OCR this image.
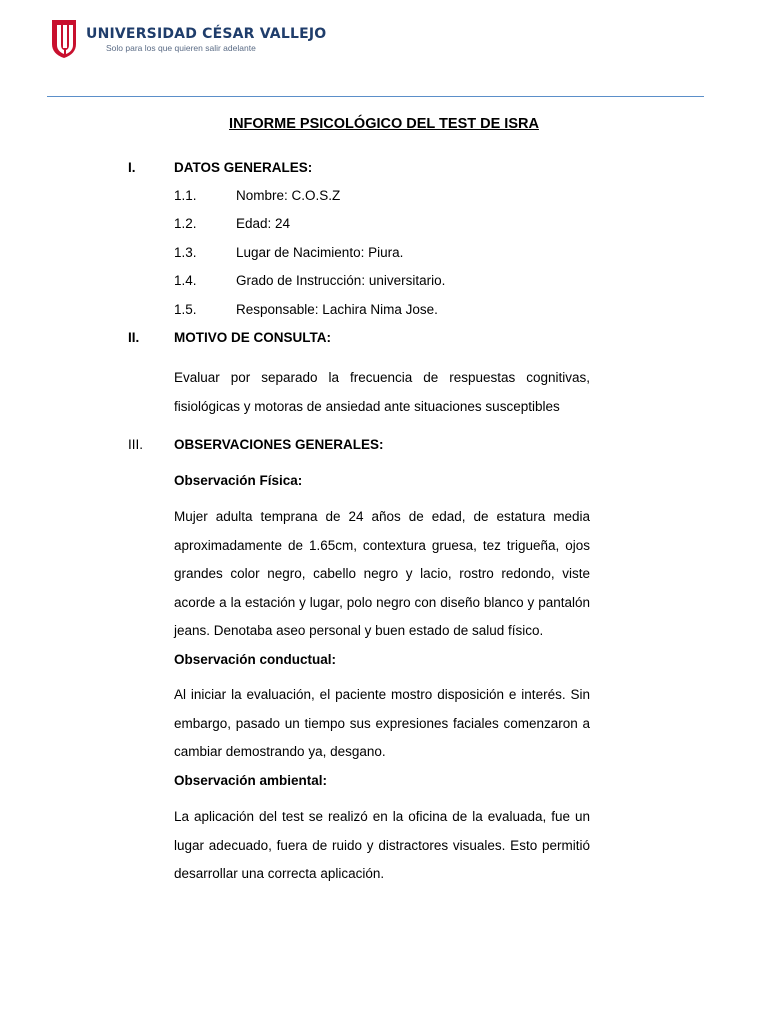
UNIVERSIDAD CÉSAR VALLEJO
Solo para los que quieren salir adelante
INFORME PSICOLÓGICO DEL TEST DE ISRA
I.	DATOS GENERALES:
1.1.	Nombre: C.O.S.Z
1.2.	Edad: 24
1.3.	Lugar de Nacimiento: Piura.
1.4.	Grado de Instrucción: universitario.
1.5.	Responsable: Lachira Nima Jose.
II.	MOTIVO DE CONSULTA:
Evaluar por separado la frecuencia de respuestas cognitivas,
fisiológicas y motoras de ansiedad ante situaciones susceptibles
III. OBSERVACIONES GENERALES:
Observación Física:
Mujer adulta temprana de 24 años de edad, de estatura media
aproximadamente de 1.65cm, contextura gruesa, tez trigueña, ojos
grandes color negro, cabello negro y lacio, rostro redondo, viste
acorde a la estación y lugar, polo negro con diseño blanco y pantalón
jeans. Denotaba aseo personal y buen estado de salud físico.
Observación conductual:
Al iniciar la evaluación, el paciente mostro disposición e interés. Sin
embargo, pasado un tiempo sus expresiones faciales comenzaron a
cambiar demostrando ya, desgano.
Observación ambiental:
La aplicación del test se realizó en la oficina de la evaluada, fue un
lugar adecuado, fuera de ruido y distractores visuales. Esto permitió
desarrollar una correcta aplicación.
